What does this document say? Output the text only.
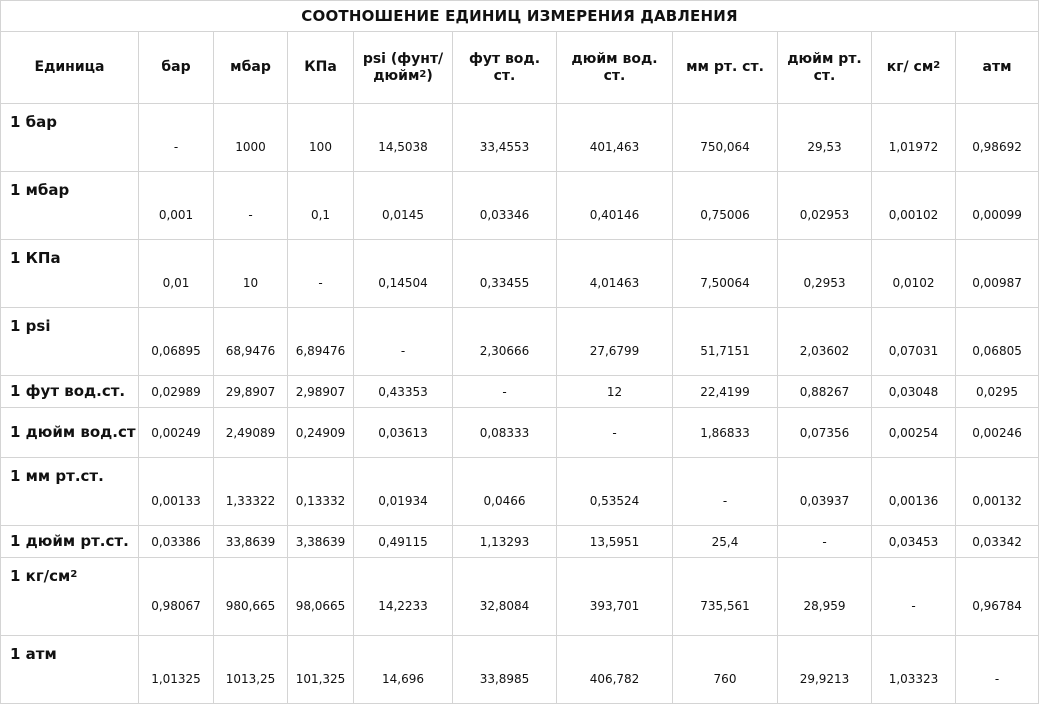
СООТНОШЕНИЕ ЕДИНИЦ ИЗМЕРЕНИЯ ДАВЛЕНИЯ										
Единица	бар	мбар	КПа	psi (фунт/ дюйм$^2$)	фут вод. ст.	дюйм вод. ст.	мм рт. ст.	дюйм рт. ст.	кг/ $см^2$	атм
1 бар	-	1000	100	14,5038	33,4553	401,463	750,064	29,53	1,01972	0,98692
1 мбар	0,001	-	0,1	0,0145	0,03346	0,40146	0,75006	0,02953	0,00102	0,00099
1 КПа	0,01	10	-	0,14504	0,33455	4,01463	7,50064	0,2953	0,0102	0,00987
1 psi	0,06895	68,9476	6,89476	-	2,30666	27,6799	51,7151	2,03602	0,07031	0,06805
1 фут вод.ст.	0,02989	29,8907	2,98907	0,43353	-	12	22,4199	0,88267	0,03048	0,0295
1 дюйм вод.ст	0,00249	2,49089	0,24909	0,03613	0,08333	-	1,86833	0,07356	0,00254	0,00246
1 мм рт.ст.	0,00133	1,33322	0,13332	0,01934	0,0466	0,53524	-	0,03937	0,00136	0,00132
1 дюйм рт.ст.	0,03386	33,8639	3,38639	0,49115	1,13293	13,5951	25,4	-	0,03453	0,03342
1 $кг/см^2$	0,98067	980,665	98,0665	14,2233	32,8084	393,701	735,561	28,959	-	0,96784
1 атм	1,01325	1013,25	101,325	14,696	33,8985	406,782	760	29,9213	1,03323	-
